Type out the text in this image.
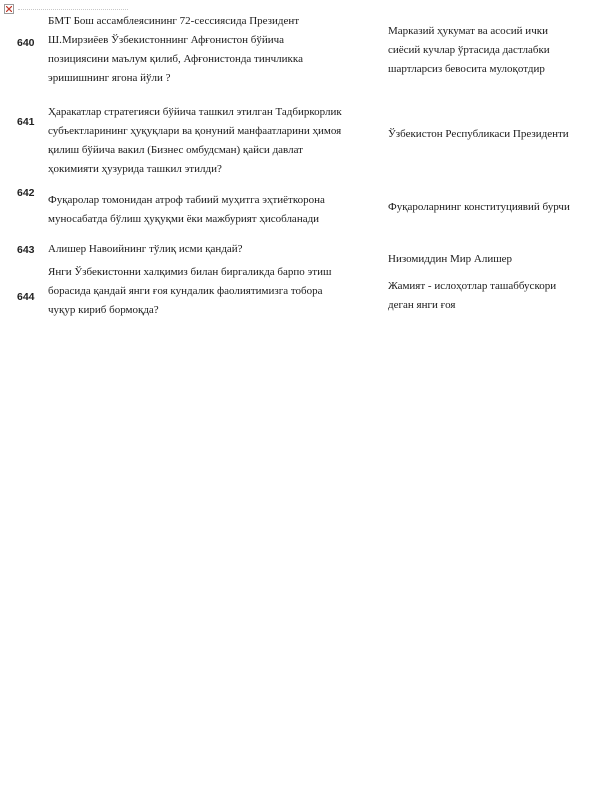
640
БМТ Бош ассамблеясининг 72-сессиясида Президент
Ш.Мирзиёев Ўзбекистоннинг Афғонистон бўйича
позициясини маълум қилиб, Афғонистонда тинчликка
эришишнинг ягона йўли ?
Марказий ҳукумат ва асосий ички
сиёсий кучлар ўртасида дастлабки
шартларсиз бевосита мулоқотдир
641
Ҳаракатлар стратегияси бўйича ташкил этилган Тадбиркорлик
субъектларининг ҳуқуқлари ва қонуний манфаатларини ҳимоя
қилиш бўйича вакил (Бизнес омбудсман) қайси давлат
ҳокимияти ҳузурида ташкил этилди?
Ўзбекистон Республикаси Президенти
642
Фуқаролар томонидан атроф табиий муҳитга эҳтиёткорона
муносабатда бўлиш ҳуқуқми ёки мажбурият ҳисобланади
Фуқароларнинг конституциявий бурчи
643 Алишер Навоийнинг тўлиқ исми қандай?
Низомиддин Мир Алишер
644
Янги Ўзбекистонни халқимиз билан биргаликда барпо этиш
борасида қандай янги ғоя кундалик фаолиятимизга тобора
чуқур кириб бормоқда?
Жамият - ислоҳотлар ташаббускори
деган янги ғоя
